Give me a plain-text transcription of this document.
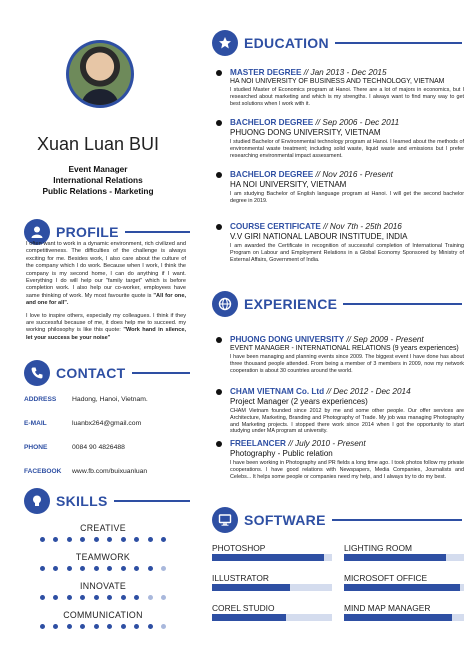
Xuan Luan BUI
Event Manager
International Relations
Public Relations - Marketing
PROFILE

I often want to work in a dynamic environment, rich civilized and competitiveness. The difficulties of the challenge is always exciting for me. Besides work, I also care about the culture of the company which I do work. Because when I work, I think the company is my second home, I can do anything if I want. Everything I do will help our "family target" which is before completion work. I also help our co-worker, employees have same thinking of work. My most favourite quote is "All for one, and one for all".

I love to inspire others, especially my colleagues. I think if they are successful because of me, it does help me to succeed. my working philosophy is like this quote: "Work hand in silence, let your success be your noise"

CONTACT
ADDRESS	Hadong, Hanoi, Vietnam.
E-MAIL	luanbx264@gmail.com
PHONE	0084 90 4826488
FACEBOOK	www.fb.com/buixuanluan
SKILLS
CREATIVE
TEAMWORK
INNOVATE
COMMUNICATION
EDUCATION
MASTER DEGREE // Jan 2013 - Dec 2015
HA NOI UNIVERSITY OF BUSINESS AND TECHNOLOGY, VIETNAM
I studied Master of Economics program at Hanoi. There are a lot of majors in economics, but I researched about marketing and which is my strengths. I always want to find many way to get best solutions when I work with it.
BACHELOR DEGREE // Sep 2006 - Dec 2011
PHUONG DONG UNIVERSITY, VIETNAM
I studied Bachelor of Environmental technology program at Hanoi. I learned about the methods of environmental waste treatment; including solid waste, liquid waste and emissions but I prefer researching environmental impact assessment.
BACHELOR DEGREE // Nov 2016 - Present
HA NOI UNIVERSITY, VIETNAM
I am studying Bachelor of English language program at Hanoi. I will get the second bachelor degree in 2019.
COURSE CERTIFICATE // Nov 7th - 25th 2016
V.V GIRI NATIONAL LABOUR INSTITUDE, INDIA
I am awarded the Certificate in recognition of successful completion of International Training Program on Labour and Employment Relations in a Global Economy Sponsored by Ministry of External Affairs, Government of India.
EXPERIENCE
PHUONG DONG UNIVERSITY // Sep 2009 - Present
EVENT MANAGER - INTERNATIONAL RELATIONS (9 years experiences)
I have been managing and planning events since 2009. The biggest event I have done has about three thousand people attended. From being a member of 3 members in 2009, now my network cooperation is about 30 countries around the world.
CHAM VIETNAM Co. Ltd // Dec 2012 - Dec 2014
Project Manager (2 years experiences)
CHAM Vietnam founded since 2012 by me and some other people. Our offer services are Architecture, Marketing, Branding and Photography of Trade. My job was managing Photography and Marketing projects. I stopped there work since 2014 when I got the opportunity to start studying under MA program at university.
FREELANCER // July 2010 - Present
Photography - Public relation
I have been working in Photography and PR fields a long time ago. I took photos follow my private cooperations. I have good relations with Newspapers, Media Companies, Journalists and Celebs... It helps some people or companies need my help, and I always try to do my best.
SOFTWARE
PHOTOSHOP	LIGHTING ROOM
ILLUSTRATOR	MICROSOFT OFFICE
COREL STUDIO	MIND MAP MANAGER
